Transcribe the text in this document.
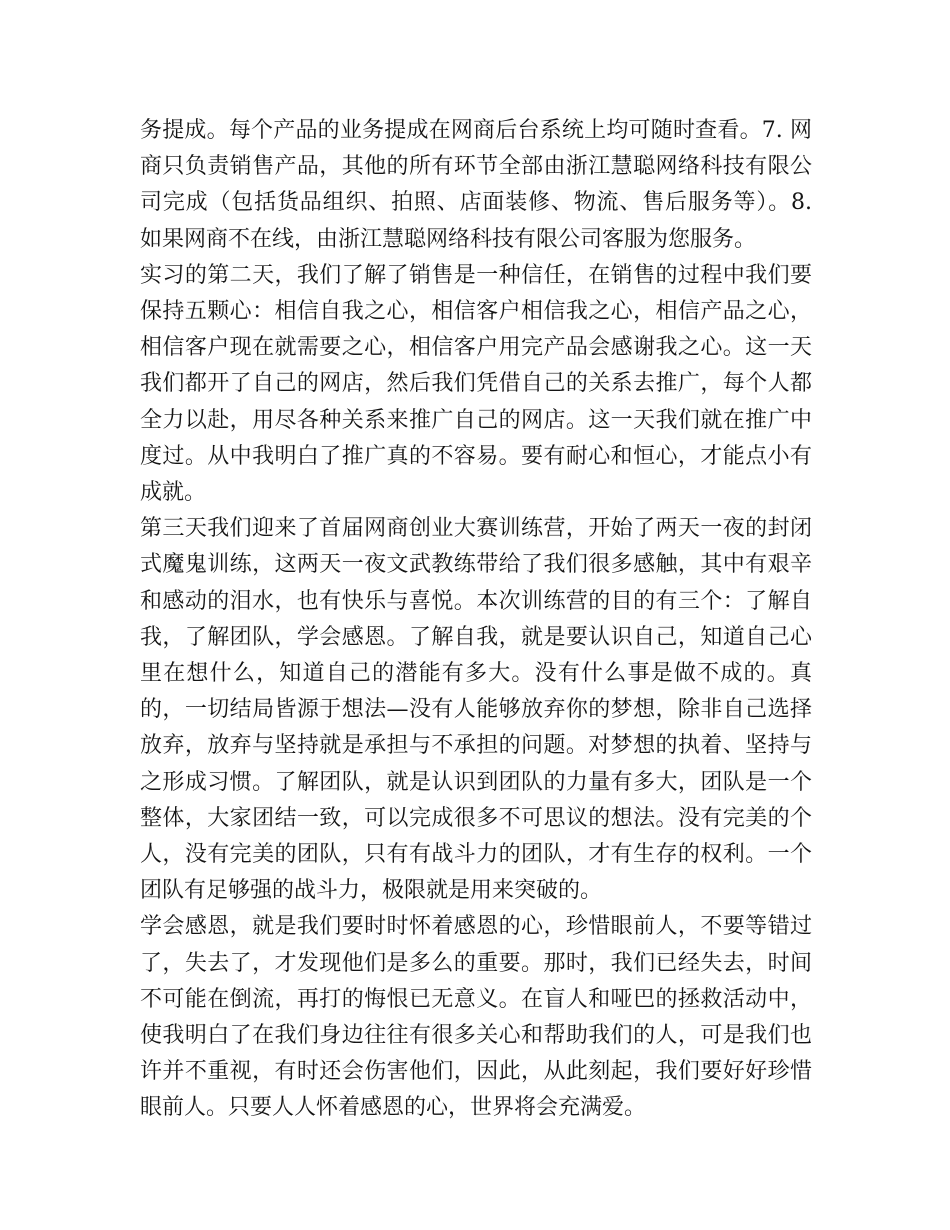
务提成。每个产品的业务提成在网商后台系统上均可随时查看。7. 网商只负责销售产品，其他的所有环节全部由浙江慧聪网络科技有限公司完成（包括货品组织、拍照、店面装修、物流、售后服务等）。8. 如果网商不在线，由浙江慧聪网络科技有限公司客服为您服务。

实习的第二天，我们了解了销售是一种信任，在销售的过程中我们要保持五颗心：相信自我之心，相信客户相信我之心，相信产品之心，相信客户现在就需要之心，相信客户用完产品会感谢我之心。这一天我们都开了自己的网店，然后我们凭借自己的关系去推广，每个人都全力以赴，用尽各种关系来推广自己的网店。这一天我们就在推广中度过。从中我明白了推广真的不容易。要有耐心和恒心，才能点小有成就。

第三天我们迎来了首届网商创业大赛训练营，开始了两天一夜的封闭式魔鬼训练，这两天一夜文武教练带给了我们很多感触，其中有艰辛和感动的泪水，也有快乐与喜悦。本次训练营的目的有三个：了解自我，了解团队，学会感恩。了解自我，就是要认识自己，知道自己心里在想什么，知道自己的潜能有多大。没有什么事是做不成的。真的，一切结局皆源于想法—没有人能够放弃你的梦想，除非自己选择放弃，放弃与坚持就是承担与不承担的问题。对梦想的执着、坚持与之形成习惯。了解团队，就是认识到团队的力量有多大，团队是一个整体，大家团结一致，可以完成很多不可思议的想法。没有完美的个人，没有完美的团队，只有有战斗力的团队，才有生存的权利。一个团队有足够强的战斗力，极限就是用来突破的。

学会感恩，就是我们要时时怀着感恩的心，珍惜眼前人，不要等错过了，失去了，才发现他们是多么的重要。那时，我们已经失去，时间不可能在倒流，再打的悔恨已无意义。在盲人和哑巴的拯救活动中，使我明白了在我们身边往往有很多关心和帮助我们的人，可是我们也许并不重视，有时还会伤害他们，因此，从此刻起，我们要好好珍惜眼前人。只要人人怀着感恩的心，世界将会充满爱。
